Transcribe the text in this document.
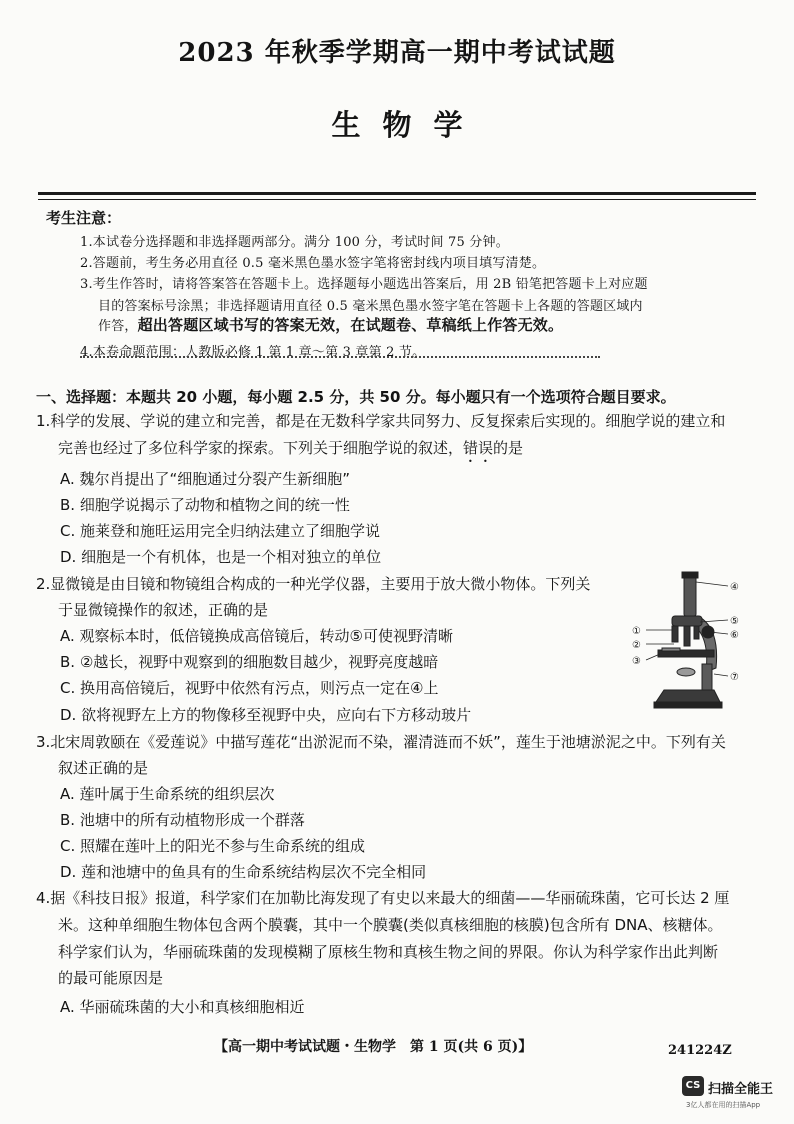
2023 年秋季学期高一期中考试试题
生物学
考生注意：
1.本试卷分选择题和非选择题两部分。满分 100 分，考试时间 75 分钟。
2.答题前，考生务必用直径 0.5 毫米黑色墨水签字笔将密封线内项目填写清楚。
3.考生作答时，请将答案答在答题卡上。选择题每小题选出答案后，用 2B 铅笔把答题卡上对应题
目的答案标号涂黑；非选择题请用直径 0.5 毫米黑色墨水签字笔在答题卡上各题的答题区域内
作答，超出答题区域书写的答案无效，在试题卷、草稿纸上作答无效。
4.本卷命题范围：人教版必修 1 第 1 章～第 3 章第 2 节。
一、选择题：本题共 20 小题，每小题 2.5 分，共 50 分。每小题只有一个选项符合题目要求。
1.科学的发展、学说的建立和完善，都是在无数科学家共同努力、反复探索后实现的。细胞学说的建立和
完善也经过了多位科学家的探索。下列关于细胞学说的叙述，错误的是
A. 魏尔肖提出了“细胞通过分裂产生新细胞”
B. 细胞学说揭示了动物和植物之间的统一性
C. 施莱登和施旺运用完全归纳法建立了细胞学说
D. 细胞是一个有机体，也是一个相对独立的单位
2.显微镜是由目镜和物镜组合构成的一种光学仪器，主要用于放大微小物体。下列关
于显微镜操作的叙述，正确的是
A. 观察标本时，低倍镜换成高倍镜后，转动⑤可使视野清晰
B. ②越长，视野中观察到的细胞数目越少，视野亮度越暗
C. 换用高倍镜后，视野中依然有污点，则污点一定在④上
D. 欲将视野左上方的物像移至视野中央，应向右下方移动玻片
④
⑤
⑥
①
②
③
⑦
3.北宋周敦颐在《爱莲说》中描写莲花“出淤泥而不染，濯清涟而不妖”，莲生于池塘淤泥之中。下列有关
叙述正确的是
A. 莲叶属于生命系统的组织层次
B. 池塘中的所有动植物形成一个群落
C. 照耀在莲叶上的阳光不参与生命系统的组成
D. 莲和池塘中的鱼具有的生命系统结构层次不完全相同
4.据《科技日报》报道，科学家们在加勒比海发现了有史以来最大的细菌——华丽硫珠菌，它可长达 2 厘
米。这种单细胞生物体包含两个膜囊，其中一个膜囊(类似真核细胞的核膜)包含所有 DNA、核糖体。
科学家们认为，华丽硫珠菌的发现模糊了原核生物和真核生物之间的界限。你认为科学家作出此判断
的最可能原因是
A. 华丽硫珠菌的大小和真核细胞相近
【高一期中考试试题・生物学　第 1 页(共 6 页)】	241224Z
CS 扫描全能王
3亿人都在用的扫描App
